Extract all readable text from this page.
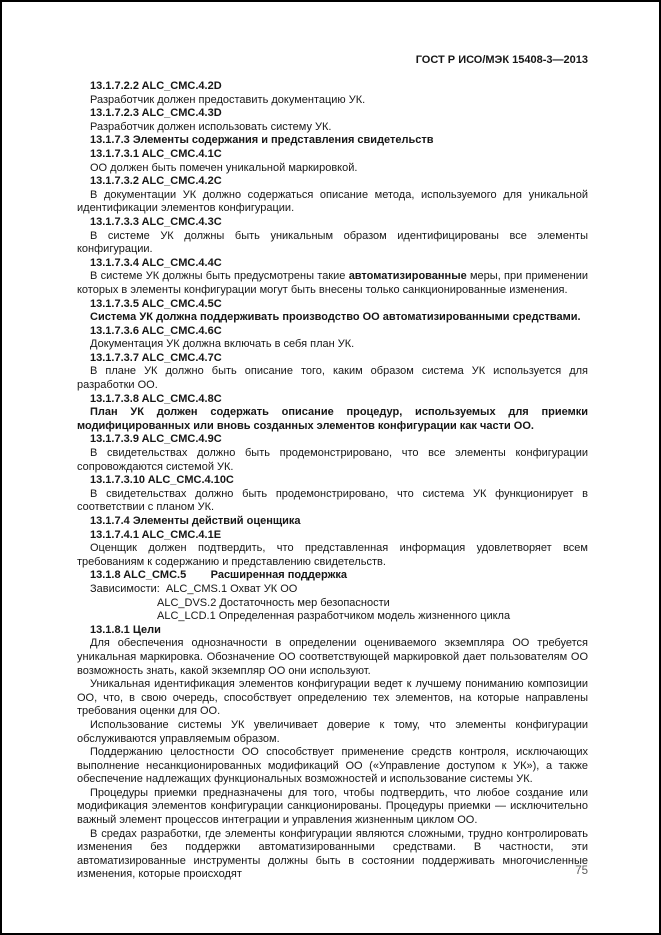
ГОСТ Р ИСО/МЭК 15408-3—2013
13.1.7.2.2 ALC_CMC.4.2D
Разработчик должен предоставить документацию УК.
13.1.7.2.3 ALC_CMC.4.3D
Разработчик должен использовать систему УК.
13.1.7.3 Элементы содержания и представления свидетельств
13.1.7.3.1 ALC_CMC.4.1C
ОО должен быть помечен уникальной маркировкой.
13.1.7.3.2 ALC_CMC.4.2C
В документации УК должно содержаться описание метода, используемого для уникальной идентификации элементов конфигурации.
13.1.7.3.3 ALC_CMC.4.3C
В системе УК должны быть уникальным образом идентифицированы все элементы конфигурации.
13.1.7.3.4 ALC_CMC.4.4C
В системе УК должны быть предусмотрены такие автоматизированные меры, при применении которых в элементы конфигурации могут быть внесены только санкционированные изменения.
13.1.7.3.5 ALC_CMC.4.5C
Система УК должна поддерживать производство ОО автоматизированными средствами.
13.1.7.3.6 ALC_CMC.4.6C
Документация УК должна включать в себя план УК.
13.1.7.3.7 ALC_CMC.4.7C
В плане УК должно быть описание того, каким образом система УК используется для разработки ОО.
13.1.7.3.8 ALC_CMC.4.8C
План УК должен содержать описание процедур, используемых для приемки модифицированных или вновь созданных элементов конфигурации как части ОО.
13.1.7.3.9 ALC_CMC.4.9C
В свидетельствах должно быть продемонстрировано, что все элементы конфигурации сопровождаются системой УК.
13.1.7.3.10 ALC_CMC.4.10C
В свидетельствах должно быть продемонстрировано, что система УК функционирует в соответствии с планом УК.
13.1.7.4 Элементы действий оценщика
13.1.7.4.1 ALC_CMC.4.1E
Оценщик должен подтвердить, что представленная информация удовлетворяет всем требованиям к содержанию и представлению свидетельств.
13.1.8 ALC_CMC.5        Расширенная поддержка
Зависимости:  ALC_CMS.1 Охват УК ОО
ALC_DVS.2 Достаточность мер безопасности
ALC_LCD.1 Определенная разработчиком модель жизненного цикла
13.1.8.1 Цели
Для обеспечения однозначности в определении оцениваемого экземпляра ОО требуется уникальная маркировка. Обозначение ОО соответствующей маркировкой дает пользователям ОО возможность знать, какой экземпляр ОО они используют.
Уникальная идентификация элементов конфигурации ведет к лучшему пониманию композиции ОО, что, в свою очередь, способствует определению тех элементов, на которые направлены требования оценки для ОО.
Использование системы УК увеличивает доверие к тому, что элементы конфигурации обслуживаются управляемым образом.
Поддержанию целостности ОО способствует применение средств контроля, исключающих выполнение несанкционированных модификаций ОО («Управление доступом к УК»), а также обеспечение надлежащих функциональных возможностей и использование системы УК.
Процедуры приемки предназначены для того, чтобы подтвердить, что любое создание или модификация элементов конфигурации санкционированы. Процедуры приемки — исключительно важный элемент процессов интеграции и управления жизненным циклом ОО.
В средах разработки, где элементы конфигурации являются сложными, трудно контролировать изменения без поддержки автоматизированными средствами. В частности, эти автоматизированные инструменты должны быть в состоянии поддерживать многочисленные изменения, которые происходят	75
